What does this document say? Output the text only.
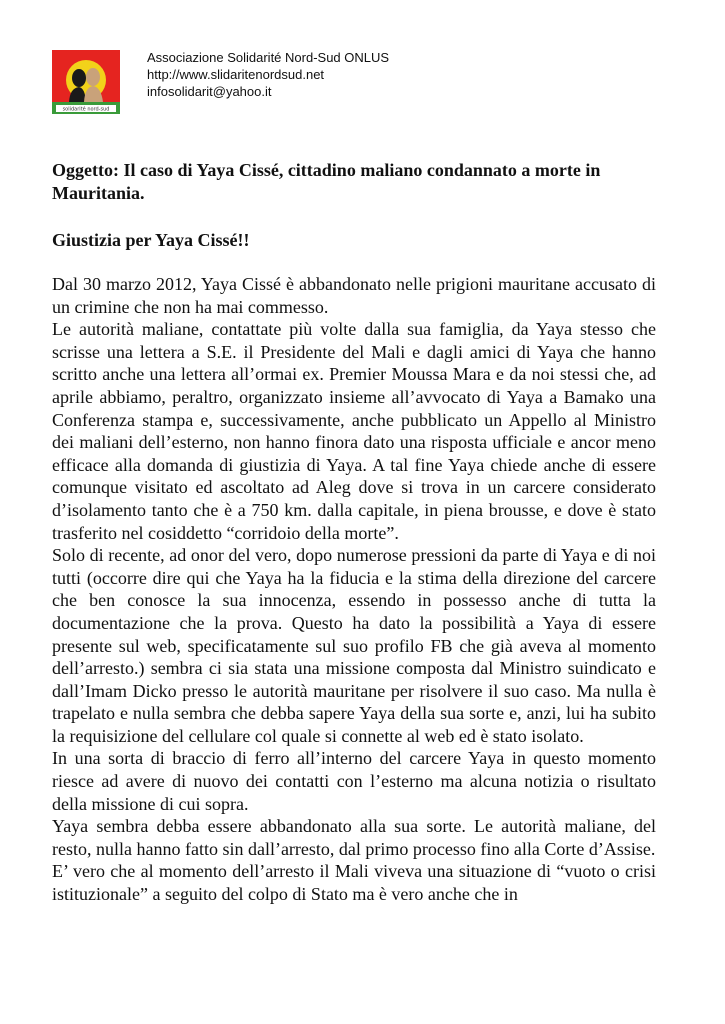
solidarité nord-sud
Associazione Solidarité Nord-Sud ONLUS
http://www.slidaritenordsud.net
infosolidarit@yahoo.it

Oggetto: Il caso di Yaya Cissé, cittadino maliano condannato a morte in Mauritania.

Giustizia per Yaya Cissé!!

Dal 30 marzo 2012, Yaya Cissé è abbandonato nelle prigioni mauritane accusato di un crimine che non ha mai commesso.

Le autorità maliane, contattate più volte dalla sua famiglia, da Yaya stesso che scrisse una lettera a S.E. il Presidente del Mali e dagli amici di Yaya che hanno scritto anche una lettera all’ormai ex. Premier Moussa Mara e da noi stessi che, ad aprile abbiamo, peraltro, organizzato insieme all’avvocato di Yaya a Bamako una Conferenza stampa e, successivamente, anche pubblicato un Appello al Ministro dei maliani dell’esterno, non hanno finora dato una risposta ufficiale e ancor meno efficace alla domanda di giustizia di Yaya. A tal fine Yaya chiede anche di essere comunque visitato ed ascoltato ad Aleg dove si trova in un carcere considerato d’isolamento tanto che è a 750 km. dalla capitale, in piena brousse, e dove è stato trasferito nel cosiddetto “corridoio della morte”.

Solo di recente, ad onor del vero, dopo numerose pressioni da parte di Yaya e di noi tutti (occorre dire qui che Yaya ha la fiducia e la stima della direzione del carcere che ben conosce la sua innocenza, essendo in possesso anche di tutta la documentazione che la prova. Questo ha dato la possibilità a Yaya di essere presente sul web, specificatamente sul suo profilo FB che già aveva al momento dell’arresto.) sembra ci sia stata una missione composta dal Ministro suindicato e dall’Imam Dicko presso le autorità mauritane per risolvere il suo caso. Ma nulla è trapelato e nulla sembra che debba sapere Yaya della sua sorte e, anzi, lui ha subito la requisizione del cellulare col quale si connette al web ed è stato isolato.

In una sorta di braccio di ferro all’interno del carcere Yaya in questo momento riesce ad avere di nuovo dei contatti con l’esterno ma alcuna notizia o risultato della missione di cui sopra.

Yaya sembra debba essere abbandonato alla sua sorte. Le autorità maliane, del resto, nulla hanno fatto sin dall’arresto, dal primo processo fino alla Corte d’Assise.

E’ vero che al momento dell’arresto il Mali viveva una situazione di “vuoto o crisi istituzionale” a seguito del colpo di Stato ma è vero anche che in
